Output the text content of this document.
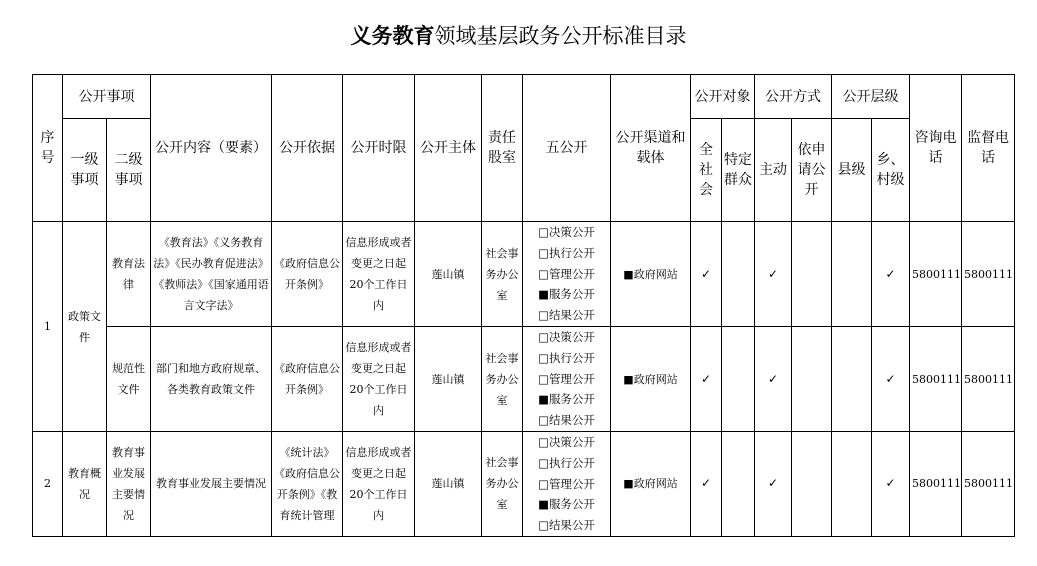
义务教育领域基层政务公开标准目录
序号	公开事项		公开内容（要素）	公开依据	公开时限	公开主体	责任股室	五公开	公开渠道和载体	公开对象		公开方式		公开层级		咨询电话	监督电话
	一级事项	二级事项								全社会	特定群众	主动	依申请公开	县级	乡、村级		
1	政策文件	教育法律	《教育法》《义务教育法》《民办教育促进法》《教师法》《国家通用语言文字法》	《政府信息公开条例》	信息形成或者变更之日起20个工作日内	莲山镇	社会事务办公室	□决策公开
□执行公开
□管理公开
■服务公开
□结果公开	■政府网站	✓		✓			✓	5800111	5800111
		规范性文件	部门和地方政府规章、各类教育政策文件	《政府信息公开条例》	信息形成或者变更之日起20个工作日内	莲山镇	社会事务办公室	□决策公开
□执行公开
□管理公开
■服务公开
□结果公开	■政府网站	✓		✓			✓	5800111	5800111
2	教育概况	教育事业发展主要情况	教育事业发展主要情况	《统计法》《政府信息公开条例》《教育统计管理	信息形成或者变更之日起20个工作日内	莲山镇	社会事务办公室	□决策公开
□执行公开
□管理公开
■服务公开
□结果公开	■政府网站	✓		✓			✓	5800111	5800111
